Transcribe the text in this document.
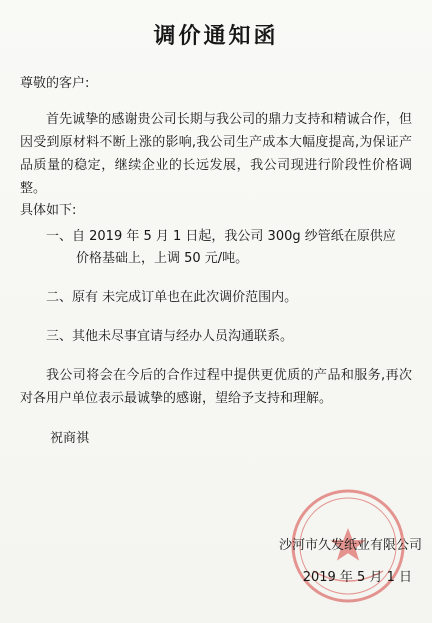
调价通知函
尊敬的客户:
首先诚挚的感谢贵公司长期与我公司的鼎力支持和精诚合作，但因受到原材料不断上涨的影响,我公司生产成本大幅度提高,为保证产品质量的稳定，继续企业的长远发展，我公司现进行阶段性价格调整。
具体如下:
一、自 2019 年 5 月 1 日起，我公司 300g 纱管纸在原供应
价格基础上，上调 50 元/吨。
二、原有 未完成订单也在此次调价范围内。
三、其他未尽事宜请与经办人员沟通联系。
我公司将会在今后的合作过程中提供更优质的产品和服务,再次对各用户单位表示最诚挚的感谢，望给予支持和理解。
祝商祺
沙河市久发纸业有限公司
2019 年 5 月 1 日
